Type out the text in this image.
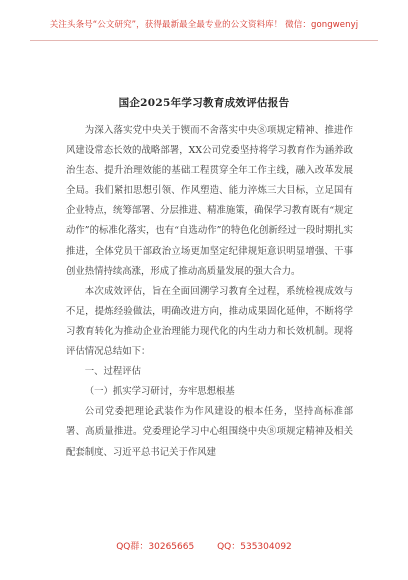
关注头条号“公文研究”，获得最新最全最专业的公文资料库！ 微信：gongwenyj
国企2025年学习教育成效评估报告

为深入落实党中央关于锲而不舍落实中央⑧项规定精神、推进作风建设常态长效的战略部署，XX公司党委坚持将学习教育作为涵养政治生态、提升治理效能的基础工程贯穿全年工作主线，融入改革发展全局。我们紧扣思想引领、作风塑造、能力淬炼三大目标，立足国有企业特点，统筹部署、分层推进、精准施策，确保学习教育既有“规定动作”的标准化落实，也有“自选动作”的特色化创新经过一段时期扎实推进，全体党员干部政治立场更加坚定纪律规矩意识明显增强、干事创业热情持续高涨，形成了推动高质量发展的强大合力。

本次成效评估，旨在全面回溯学习教育全过程，系统检视成效与不足，提炼经验做法，明确改进方向，推动成果固化延伸，不断将学习教育转化为推动企业治理能力现代化的内生动力和长效机制。现将评估情况总结如下：

一、过程评估

（一）抓实学习研讨，夯牢思想根基

公司党委把理论武装作为作风建设的根本任务，坚持高标准部署、高质量推进。党委理论学习中心组围绕中央⑧项规定精神及相关配套制度、习近平总书记关于作风建

QQ群：30265665	QQ：535304092
